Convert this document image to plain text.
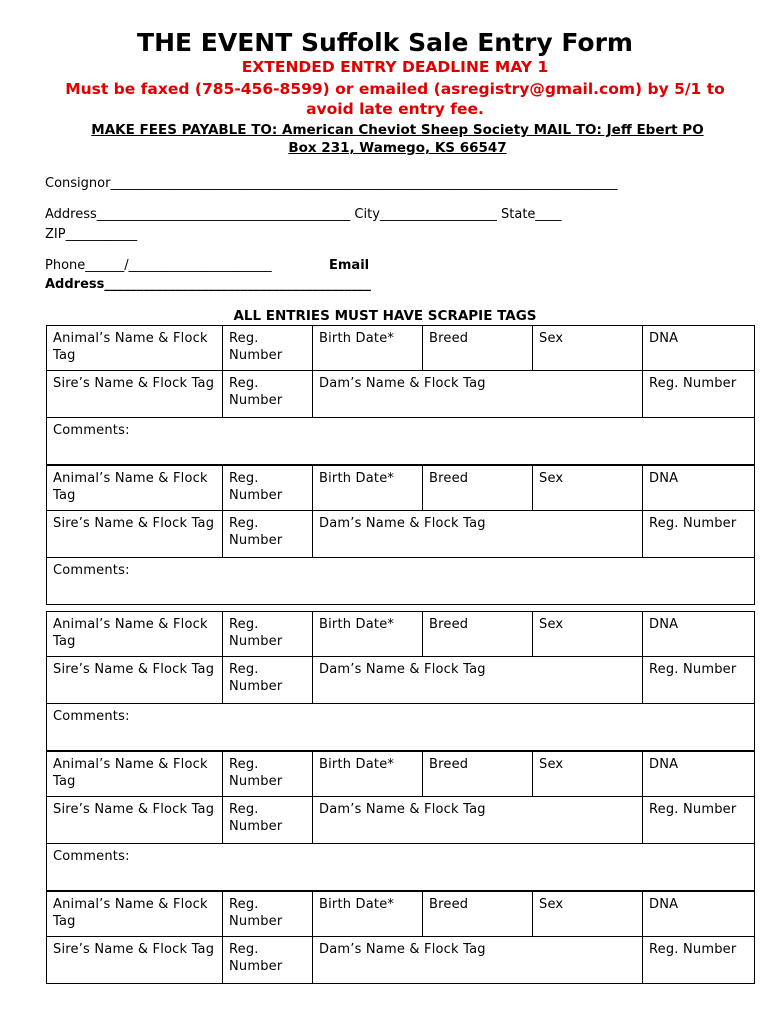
THE EVENT Suffolk Sale Entry Form
EXTENDED ENTRY DEADLINE MAY 1
Must be faxed (785-456-8599) or emailed (asregistry@gmail.com) by 5/1 to
avoid late entry fee.
MAKE FEES PAYABLE TO: American Cheviot Sheep Society MAIL TO: Jeff Ebert PO
Box 231, Wamego, KS 66547
Consignor______________________________________________________________________________
Address_______________________________________ City__________________ State____
ZIP___________
Phone______/______________________	Email
Address_________________________________________
ALL ENTRIES MUST HAVE SCRAPIE TAGS
Animal’s Name & Flock Tag	Reg. Number	Birth Date*	Breed	Sex	DNA
Sire’s Name & Flock Tag	Reg. Number	Dam’s Name & Flock Tag			Reg. Number
Comments:					
Animal’s Name & Flock Tag	Reg. Number	Birth Date*	Breed	Sex	DNA
Sire’s Name & Flock Tag	Reg. Number	Dam’s Name & Flock Tag			Reg. Number
Comments:					
Animal’s Name & Flock Tag	Reg. Number	Birth Date*	Breed	Sex	DNA
Sire’s Name & Flock Tag	Reg. Number	Dam’s Name & Flock Tag			Reg. Number
Comments:					
Animal’s Name & Flock Tag	Reg. Number	Birth Date*	Breed	Sex	DNA
Sire’s Name & Flock Tag	Reg. Number	Dam’s Name & Flock Tag			Reg. Number
Comments:					
Animal’s Name & Flock Tag	Reg. Number	Birth Date*	Breed	Sex	DNA
Sire’s Name & Flock Tag	Reg. Number	Dam’s Name & Flock Tag			Reg. Number
